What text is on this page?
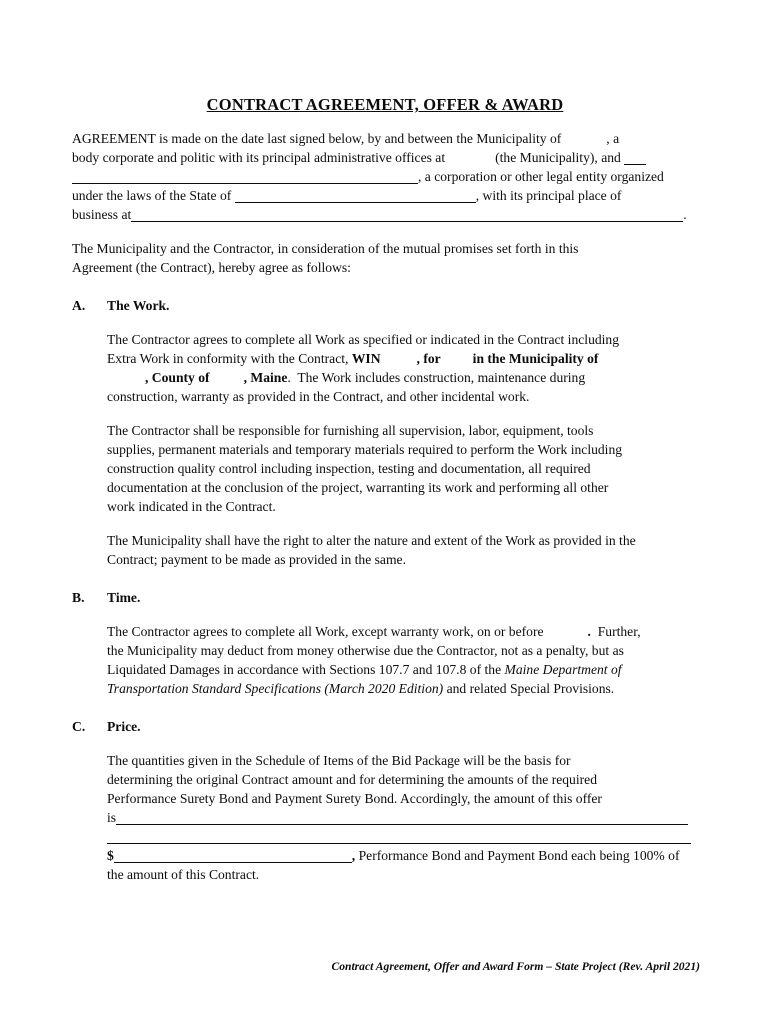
CONTRACT AGREEMENT, OFFER & AWARD
AGREEMENT is made on the date last signed below, by and between the Municipality of	, a
body corporate and politic with its principal administrative offices at	(the Municipality), and
, a corporation or other legal entity organized
under the laws of the State of	, with its principal place of
business at	.
The Municipality and the Contractor, in consideration of the mutual promises set forth in this
Agreement (the Contract), hereby agree as follows:
A. The Work.
The Contractor agrees to complete all Work as specified or indicated in the Contract including
Extra Work in conformity with the Contract, WIN	, for in the Municipality of
, County of	, Maine.  The Work includes construction, maintenance during
construction, warranty as provided in the Contract, and other incidental work.
The Contractor shall be responsible for furnishing all supervision, labor, equipment, tools
supplies, permanent materials and temporary materials required to perform the Work including
construction quality control including inspection, testing and documentation, all required
documentation at the conclusion of the project, warranting its work and performing all other
work indicated in the Contract.
The Municipality shall have the right to alter the nature and extent of the Work as provided in the
Contract; payment to be made as provided in the same.
B. Time.
The Contractor agrees to complete all Work, except warranty work, on or before	.  Further,
the Municipality may deduct from money otherwise due the Contractor, not as a penalty, but as
Liquidated Damages in accordance with Sections 107.7 and 107.8 of the Maine Department of
Transportation Standard Specifications (March 2020 Edition) and related Special Provisions.
C. Price.
The quantities given in the Schedule of Items of the Bid Package will be the basis for
determining the original Contract amount and for determining the amounts of the required
Performance Surety Bond and Payment Surety Bond. Accordingly, the amount of this offer
is
$	, Performance Bond and Payment Bond each being 100% of
the amount of this Contract.
Contract Agreement, Offer and Award Form – State Project (Rev. April 2021)
